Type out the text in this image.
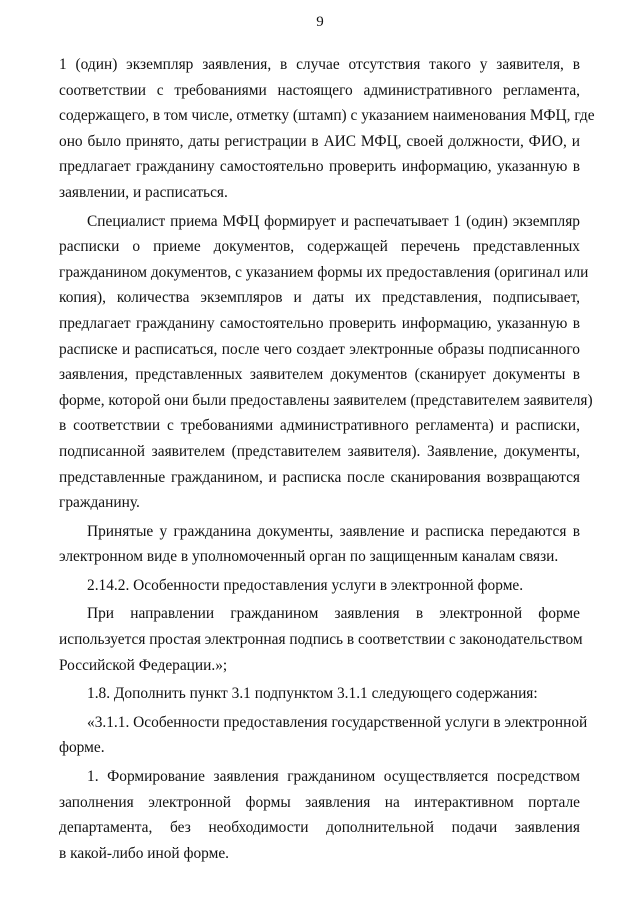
9

1 (один) экземпляр заявления, в случае отсутствия такого у заявителя, в
соответствии с требованиями настоящего административного регламента,
содержащего, в том числе, отметку (штамп) с указанием наименования МФЦ, где
оно было принято, даты регистрации в АИС МФЦ, своей должности, ФИО, и
предлагает гражданину самостоятельно проверить информацию, указанную в
заявлении, и расписаться.

Специалист приема МФЦ формирует и распечатывает 1 (один) экземпляр
расписки о приеме документов, содержащей перечень представленных
гражданином документов, с указанием формы их предоставления (оригинал или
копия), количества экземпляров и даты их представления, подписывает,
предлагает гражданину самостоятельно проверить информацию, указанную в
расписке и расписаться, после чего создает электронные образы подписанного
заявления, представленных заявителем документов (сканирует документы в
форме, которой они были предоставлены заявителем (представителем заявителя)
в соответствии с требованиями административного регламента) и расписки,
подписанной заявителем (представителем заявителя). Заявление, документы,
представленные гражданином, и расписка после сканирования возвращаются
гражданину.

Принятые у гражданина документы, заявление и расписка передаются в
электронном виде в уполномоченный орган по защищенным каналам связи.

2.14.2. Особенности предоставления услуги в электронной форме.

При направлении гражданином заявления в электронной форме
используется простая электронная подпись в соответствии с законодательством
Российской Федерации.»;

1.8. Дополнить пункт 3.1 подпунктом 3.1.1 следующего содержания:

«3.1.1. Особенности предоставления государственной услуги в электронной
форме.

1. Формирование заявления гражданином осуществляется посредством
заполнения электронной формы заявления на интерактивном портале
департамента, без необходимости дополнительной подачи заявления
в какой-либо иной форме.
